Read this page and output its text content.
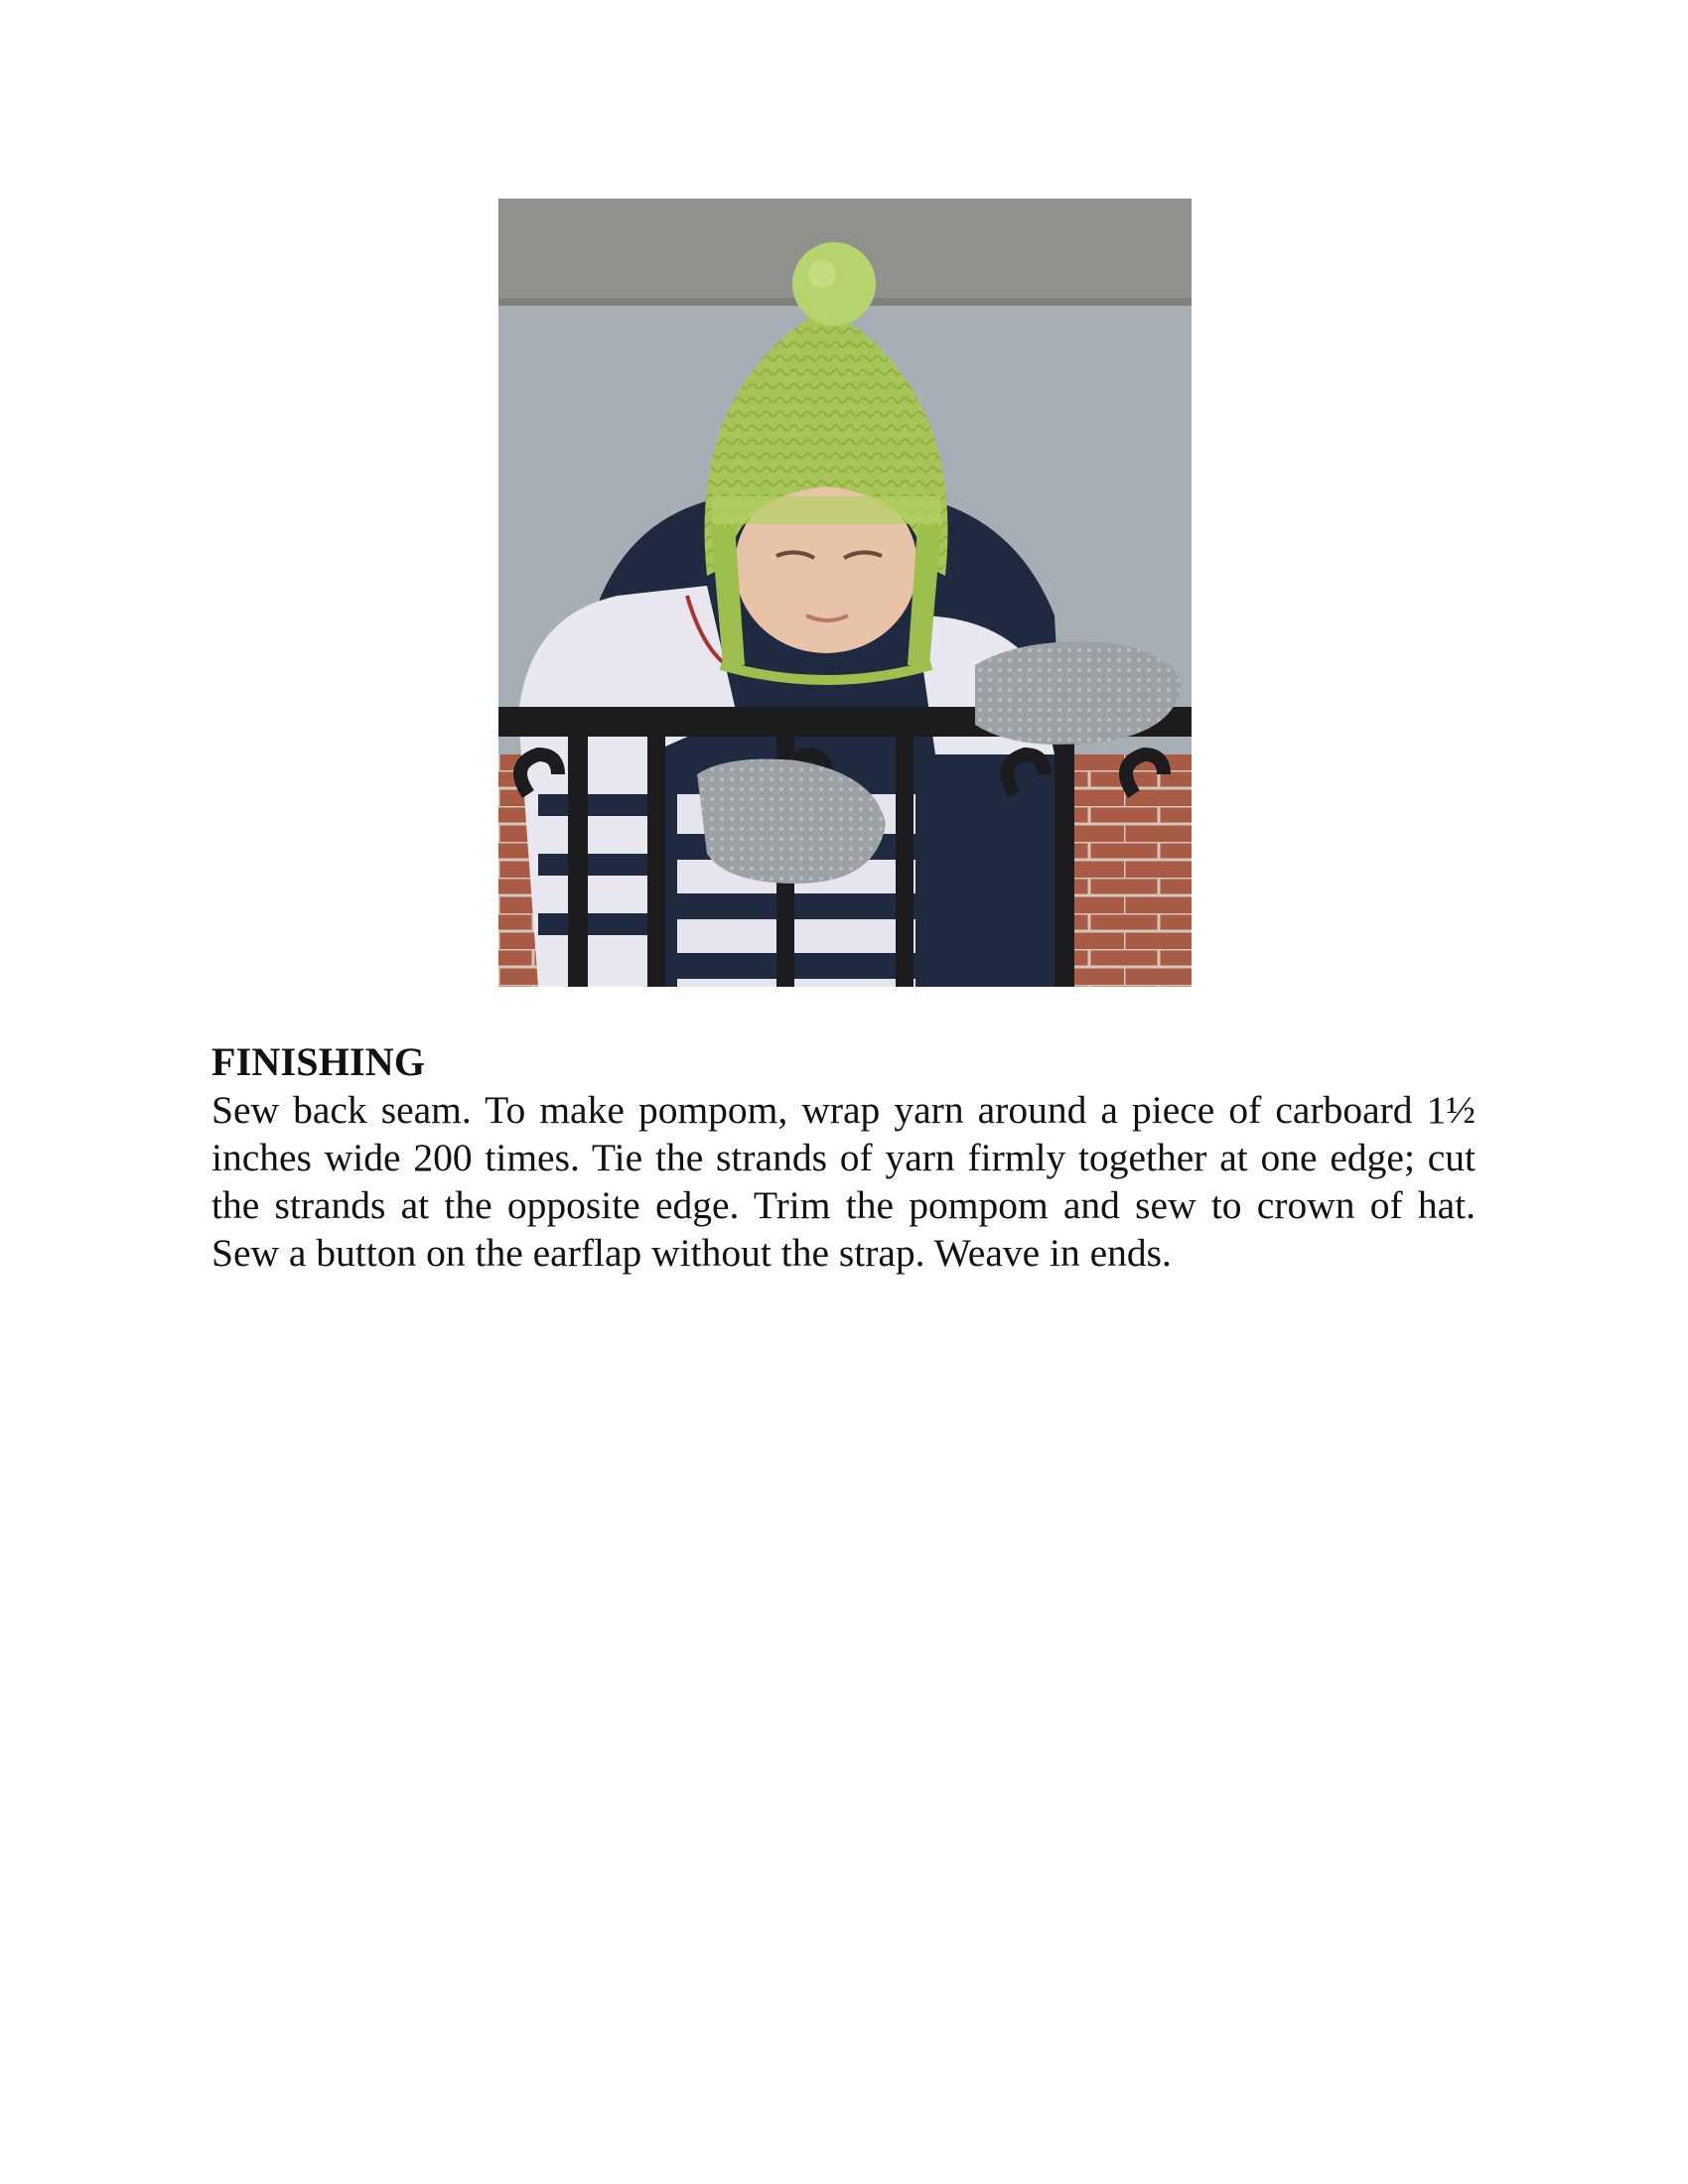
FINISHING

Sew back seam. To make pompom, wrap yarn around a piece of carboard 1½ inches wide 200 times. Tie the strands of yarn firmly together at one edge; cut the strands at the opposite edge. Trim the pompom and sew to crown of hat. Sew a button on the earflap without the strap. Weave in ends.
